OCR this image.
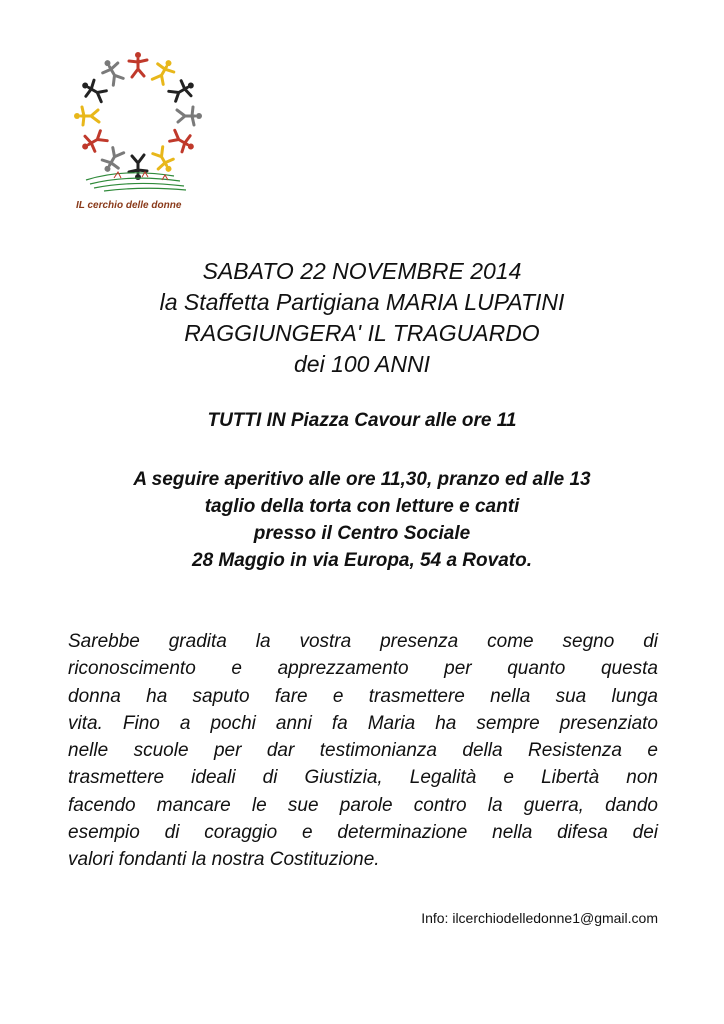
IL cerchio delle donne
SABATO 22 NOVEMBRE 2014
la Staffetta Partigiana MARIA LUPATINI
RAGGIUNGERA' IL TRAGUARDO
dei 100 ANNI
TUTTI IN Piazza Cavour alle ore 11
A seguire aperitivo alle ore 11,30, pranzo ed alle 13
taglio della torta con letture e canti
presso il Centro Sociale
28 Maggio in via Europa, 54 a Rovato.
Sarebbe gradita la vostra presenza come segno di
riconoscimento e apprezzamento per quanto questa
donna ha saputo fare e trasmettere nella sua lunga
vita. Fino a pochi anni fa Maria ha sempre presenziato
nelle scuole per dar testimonianza della Resistenza e
trasmettere ideali di Giustizia, Legalità e Libertà non
facendo mancare le sue parole contro la guerra, dando
esempio di coraggio e determinazione nella difesa dei
valori fondanti la nostra Costituzione.
Info: ilcerchiodelledonne1@gmail.com
